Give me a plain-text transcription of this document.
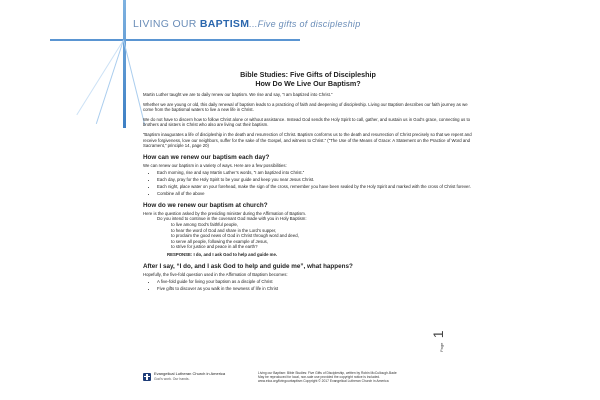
LIVING OUR BAPTISM...Five gifts of discipleship
Bible Studies: Five Gifts of Discipleship
How Do We Live Our Baptism?

Martin Luther taught we are to daily renew our baptism. We rise and say, “I am baptized into Christ.”

Whether we are young or old, this daily renewal of baptism leads to a practicing of faith and deepening of discipleship. Living our Baptism describes our faith journey as we come from the baptismal waters to live a new life in Christ.

We do not have to discern how to follow Christ alone or without assistance. Instead God sends the Holy Spirit to call, gather, and sustain us in God’s grace, connecting us to brothers and sisters in Christ who also are living out their baptism.

“Baptism inaugurates a life of discipleship in the death and resurrection of Christ. Baptism conforms us to the death and resurrection of Christ precisely so that we repent and receive forgiveness, love our neighbors, suffer for the sake of the Gospel, and witness to Christ.” (“The Use of the Means of Grace: A Statement on the Practice of Word and Sacrament,” principle 14, page 20)

How can we renew our baptism each day?
We can renew our baptism in a variety of ways. Here are a few possibilities:
• Each morning, rise and say Martin Luther’s words, “I am baptized into Christ.”
• Each day, pray for the Holy Spirit to be your guide and keep you near Jesus Christ.
• Each night, place water on your forehead, make the sign of the cross, remember you have been sealed by the Holy Spirit and marked with the cross of Christ forever.
• Combine all of the above
How do we renew our baptism at church?
Here is the question asked by the presiding minister during the Affirmation of Baptism.
Do you intend to continue in the covenant God made with you in Holy Baptism:
to live among God’s faithful people,
to hear the word of God and share in the Lord’s supper,
to proclaim the good news of God in Christ through word and deed,
to serve all people, following the example of Jesus,
to strive for justice and peace in all the earth?
RESPONSE: I do, and I ask God to help and guide me.
After I say, “I do, and I ask God to help and guide me”, what happens?
Hopefully, the five-fold question used in the Affirmation of Baptism becomes:
• A five-fold guide for living your baptism as a disciple of Christ
• Five gifts to discover as you walk in the newness of life in Christ
Page 1
Evangelical Lutheran Church in America
God’s work. Our hands.
Living our Baptism: Bible Studies: Five Gifts of Discipleship, written by Robin McCullough-Bade
May be reproduced for local, non-sale use provided the copyright notice is included.
www.elca.org/livingourbaptism Copyright © 2017 Evangelical Lutheran Church in America
